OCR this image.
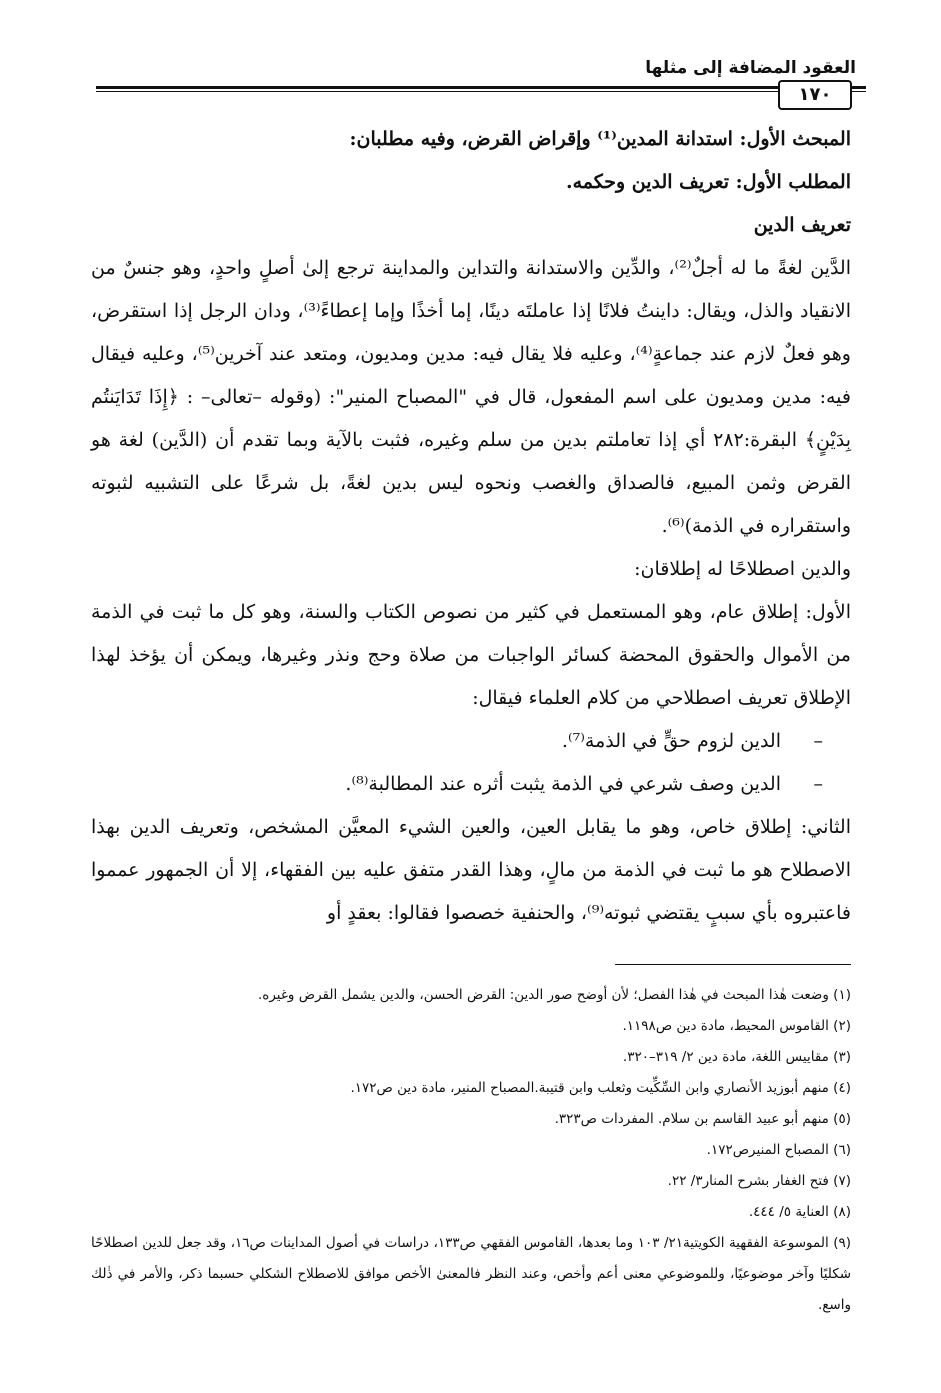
العقود المضافة إلى مثلها
١٧٠

المبحث الأول: استدانة المدين⁽¹⁾ وإقراض القرض، وفيه مطلبان:

المطلب الأول: تعريف الدين وحكمه.

تعريف الدين

الدَّين لغةً ما له أجلٌ⁽²⁾، والدِّين والاستدانة والتداين والمداينة ترجع إلىٰ أصلٍ واحدٍ، وهو جنسٌ من الانقياد والذل، ويقال: داينتُ فلانًا إذا عاملتَه دينًا، إما أخذًا وإما إعطاءً⁽³⁾، ودان الرجل إذا استقرض، وهو فعلٌ لازم عند جماعةٍ⁽⁴⁾، وعليه فلا يقال فيه: مدين ومديون، ومتعد عند آخرين⁽⁵⁾، وعليه فيقال فيه: مدين ومديون على اسم المفعول، قال في "المصباح المنير": (وقوله –تعالى– : ﴿إِذَا تَدَايَنتُم بِدَيْنٍ﴾ البقرة:٢٨٢ أي إذا تعاملتم بدين من سلم وغيره، فثبت بالآية وبما تقدم أن (الدَّين) لغة هو القرض وثمن المبيع، فالصداق والغصب ونحوه ليس بدين لغةً، بل شرعًا على التشبيه لثبوته واستقراره في الذمة)⁽⁶⁾.

والدين اصطلاحًا له إطلاقان:

الأول: إطلاق عام، وهو المستعمل في كثير من نصوص الكتاب والسنة، وهو كل ما ثبت في الذمة من الأموال والحقوق المحضة كسائر الواجبات من صلاة وحج ونذر وغيرها، ويمكن أن يؤخذ لهذا الإطلاق تعريف اصطلاحي من كلام العلماء فيقال:

– الدين لزوم حقٍّ في الذمة⁽⁷⁾.

– الدين وصف شرعي في الذمة يثبت أثره عند المطالبة⁽⁸⁾.

الثاني: إطلاق خاص، وهو ما يقابل العين، والعين الشيء المعيَّن المشخص، وتعريف الدين بهذا الاصطلاح هو ما ثبت في الذمة من مالٍ، وهذا القدر متفق عليه بين الفقهاء، إلا أن الجمهور عمموا فاعتبروه بأي سببٍ يقتضي ثبوته⁽⁹⁾، والحنفية خصصوا فقالوا: بعقدٍ أو

(١) وضعت هٰذا المبحث في هٰذا الفصل؛ لأن أوضح صور الدين: القرض الحسن، والدين يشمل القرض وغيره.

(٢) القاموس المحيط، مادة دين ص١١٩٨.

(٣) مقاييس اللغة، مادة دين ٢/ ٣١٩–٣٢٠.

(٤) منهم أبوزيد الأنصاري وابن السِّكِّيت وثعلب وابن قتيبة.المصباح المنير، مادة دين ص١٧٢.

(٥) منهم أبو عبيد القاسم بن سلام. المفردات ص٣٢٣.

(٦) المصباح المنيرص١٧٢.

(٧) فتح الغفار بشرح المنار٣/ ٢٢.

(٨) العناية ٥/ ٤٤٤.

(٩) الموسوعة الفقهية الكويتية٢١/ ١٠٣ وما بعدها، القاموس الفقهي ص١٣٣، دراسات في أصول المداينات ص١٦، وقد جعل للدين اصطلاحًا شكليًا وآخر موضوعيًا، وللموضوعي معنى أعم وأخص، وعند النظر فالمعنىٰ الأخص موافق للاصطلاح الشكلي حسبما ذكر، والأمر في ذٰلك واسع.
